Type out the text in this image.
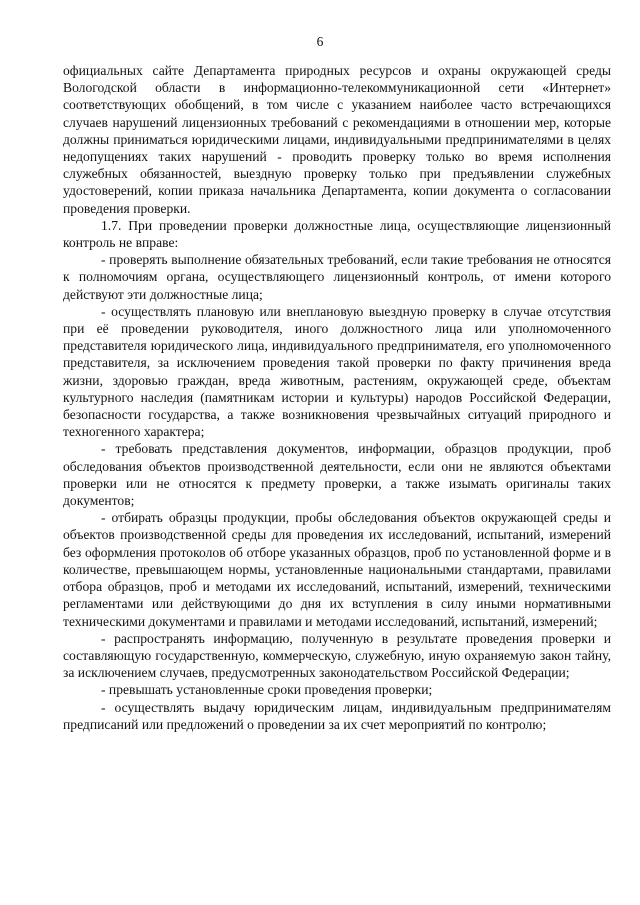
6

официальных сайте Департамента природных ресурсов и охраны окружающей среды Вологодской области в информационно-телекоммуникационной сети «Интернет» соответствующих обобщений, в том числе с указанием наиболее часто встречающихся случаев нарушений лицензионных требований с рекомендациями в отношении мер, которые должны приниматься юридическими лицами, индивидуальными предпринимателями в целях недопущениях таких нарушений - проводить проверку только во время исполнения служебных обязанностей, выездную проверку только при предъявлении служебных удостоверений, копии приказа начальника Департамента, копии документа о согласовании проведения проверки.

1.7. При проведении проверки должностные лица, осуществляющие лицензионный контроль не вправе:

- проверять выполнение обязательных требований, если такие требования не относятся к полномочиям органа, осуществляющего лицензионный контроль, от имени которого действуют эти должностные лица;

- осуществлять плановую или внеплановую выездную проверку в случае отсутствия при её проведении руководителя, иного должностного лица или уполномоченного представителя юридического лица, индивидуального предпринимателя, его уполномоченного представителя, за исключением проведения такой проверки по факту причинения вреда жизни, здоровью граждан, вреда животным, растениям, окружающей среде, объектам культурного наследия (памятникам истории и культуры) народов Российской Федерации, безопасности государства, а также возникновения чрезвычайных ситуаций природного и техногенного характера;

- требовать представления документов, информации, образцов продукции, проб обследования объектов производственной деятельности, если они не являются объектами проверки или не относятся к предмету проверки, а также изымать оригиналы таких документов;

- отбирать образцы продукции, пробы обследования объектов окружающей среды и объектов производственной среды для проведения их исследований, испытаний, измерений без оформления протоколов об отборе указанных образцов, проб по установленной форме и в количестве, превышающем нормы, установленные национальными стандартами, правилами отбора образцов, проб и методами их исследований, испытаний, измерений, техническими регламентами или действующими до дня их вступления в силу иными нормативными техническими документами и правилами и методами исследований, испытаний, измерений;

- распространять информацию, полученную в результате проведения проверки и составляющую государственную, коммерческую, служебную, иную охраняемую закон тайну, за исключением случаев, предусмотренных законодательством Российской Федерации;

- превышать установленные сроки проведения проверки;

- осуществлять выдачу юридическим лицам, индивидуальным предпринимателям предписаний или предложений о проведении за их счет мероприятий по контролю;
